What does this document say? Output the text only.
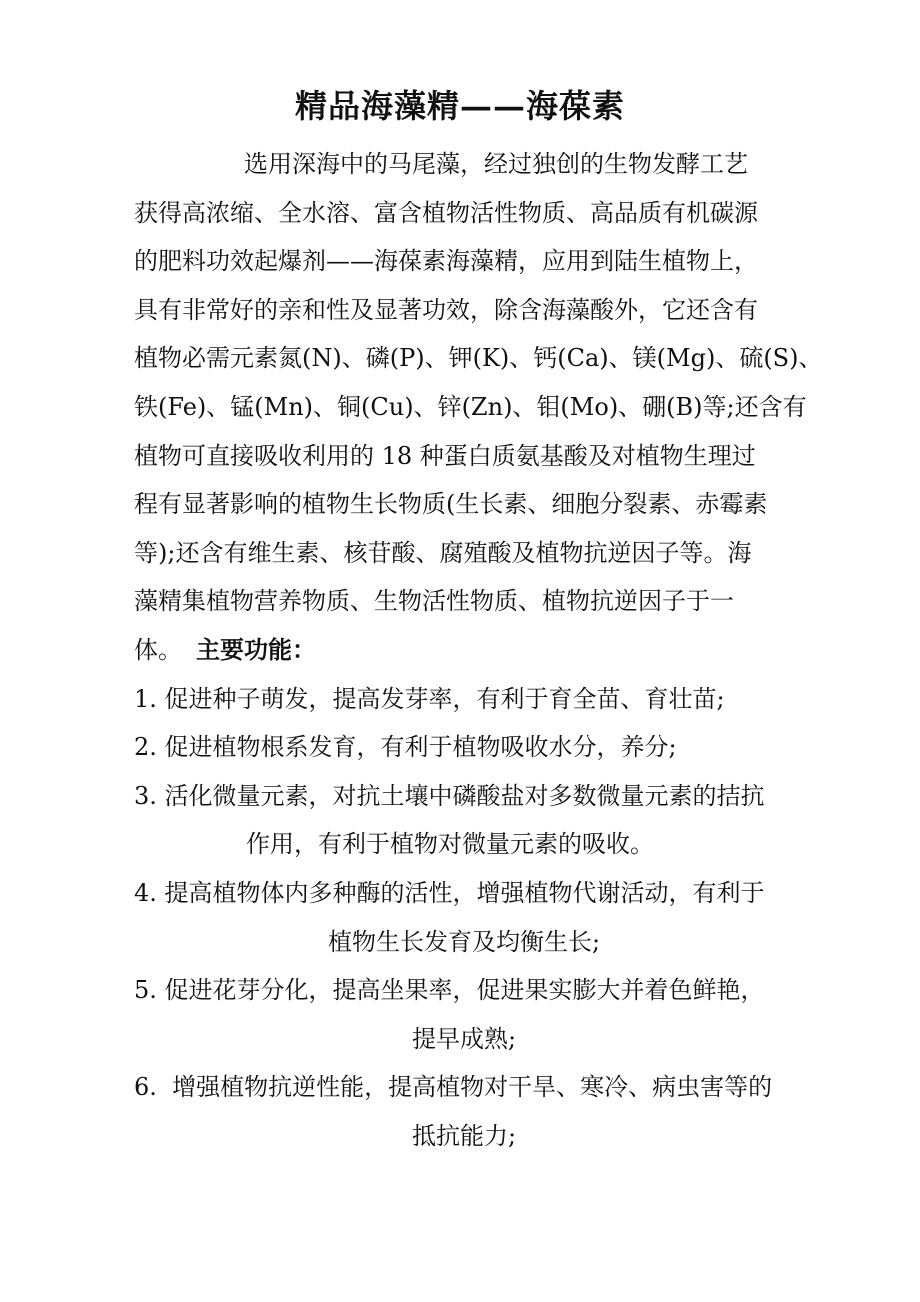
精品海藻精——海葆素
选用深海中的马尾藻，经过独创的生物发酵工艺
获得高浓缩、全水溶、富含植物活性物质、高品质有机碳源
的肥料功效起爆剂——海葆素海藻精，应用到陆生植物上，
具有非常好的亲和性及显著功效，除含海藻酸外，它还含有
植物必需元素氮(N)、磷(P)、钾(K)、钙(Ca)、镁(Mg)、硫(S)、
铁(Fe)、锰(Mn)、铜(Cu)、锌(Zn)、钼(Mo)、硼(B)等;还含有
植物可直接吸收利用的 18 种蛋白质氨基酸及对植物生理过
程有显著影响的植物生长物质(生长素、细胞分裂素、赤霉素
等);还含有维生素、核苷酸、腐殖酸及植物抗逆因子等。海
藻精集植物营养物质、生物活性物质、植物抗逆因子于一
体。 主要功能：
1. 促进种子萌发，提高发芽率，有利于育全苗、育壮苗;
2. 促进植物根系发育，有利于植物吸收水分，养分;
3. 活化微量元素，对抗土壤中磷酸盐对多数微量元素的拮抗
作用，有利于植物对微量元素的吸收。
4. 提高植物体内多种酶的活性，增强植物代谢活动，有利于
植物生长发育及均衡生长;
5. 促进花芽分化，提高坐果率，促进果实膨大并着色鲜艳，
提早成熟;
6. 增强植物抗逆性能，提高植物对干旱、寒冷、病虫害等的
抵抗能力;
